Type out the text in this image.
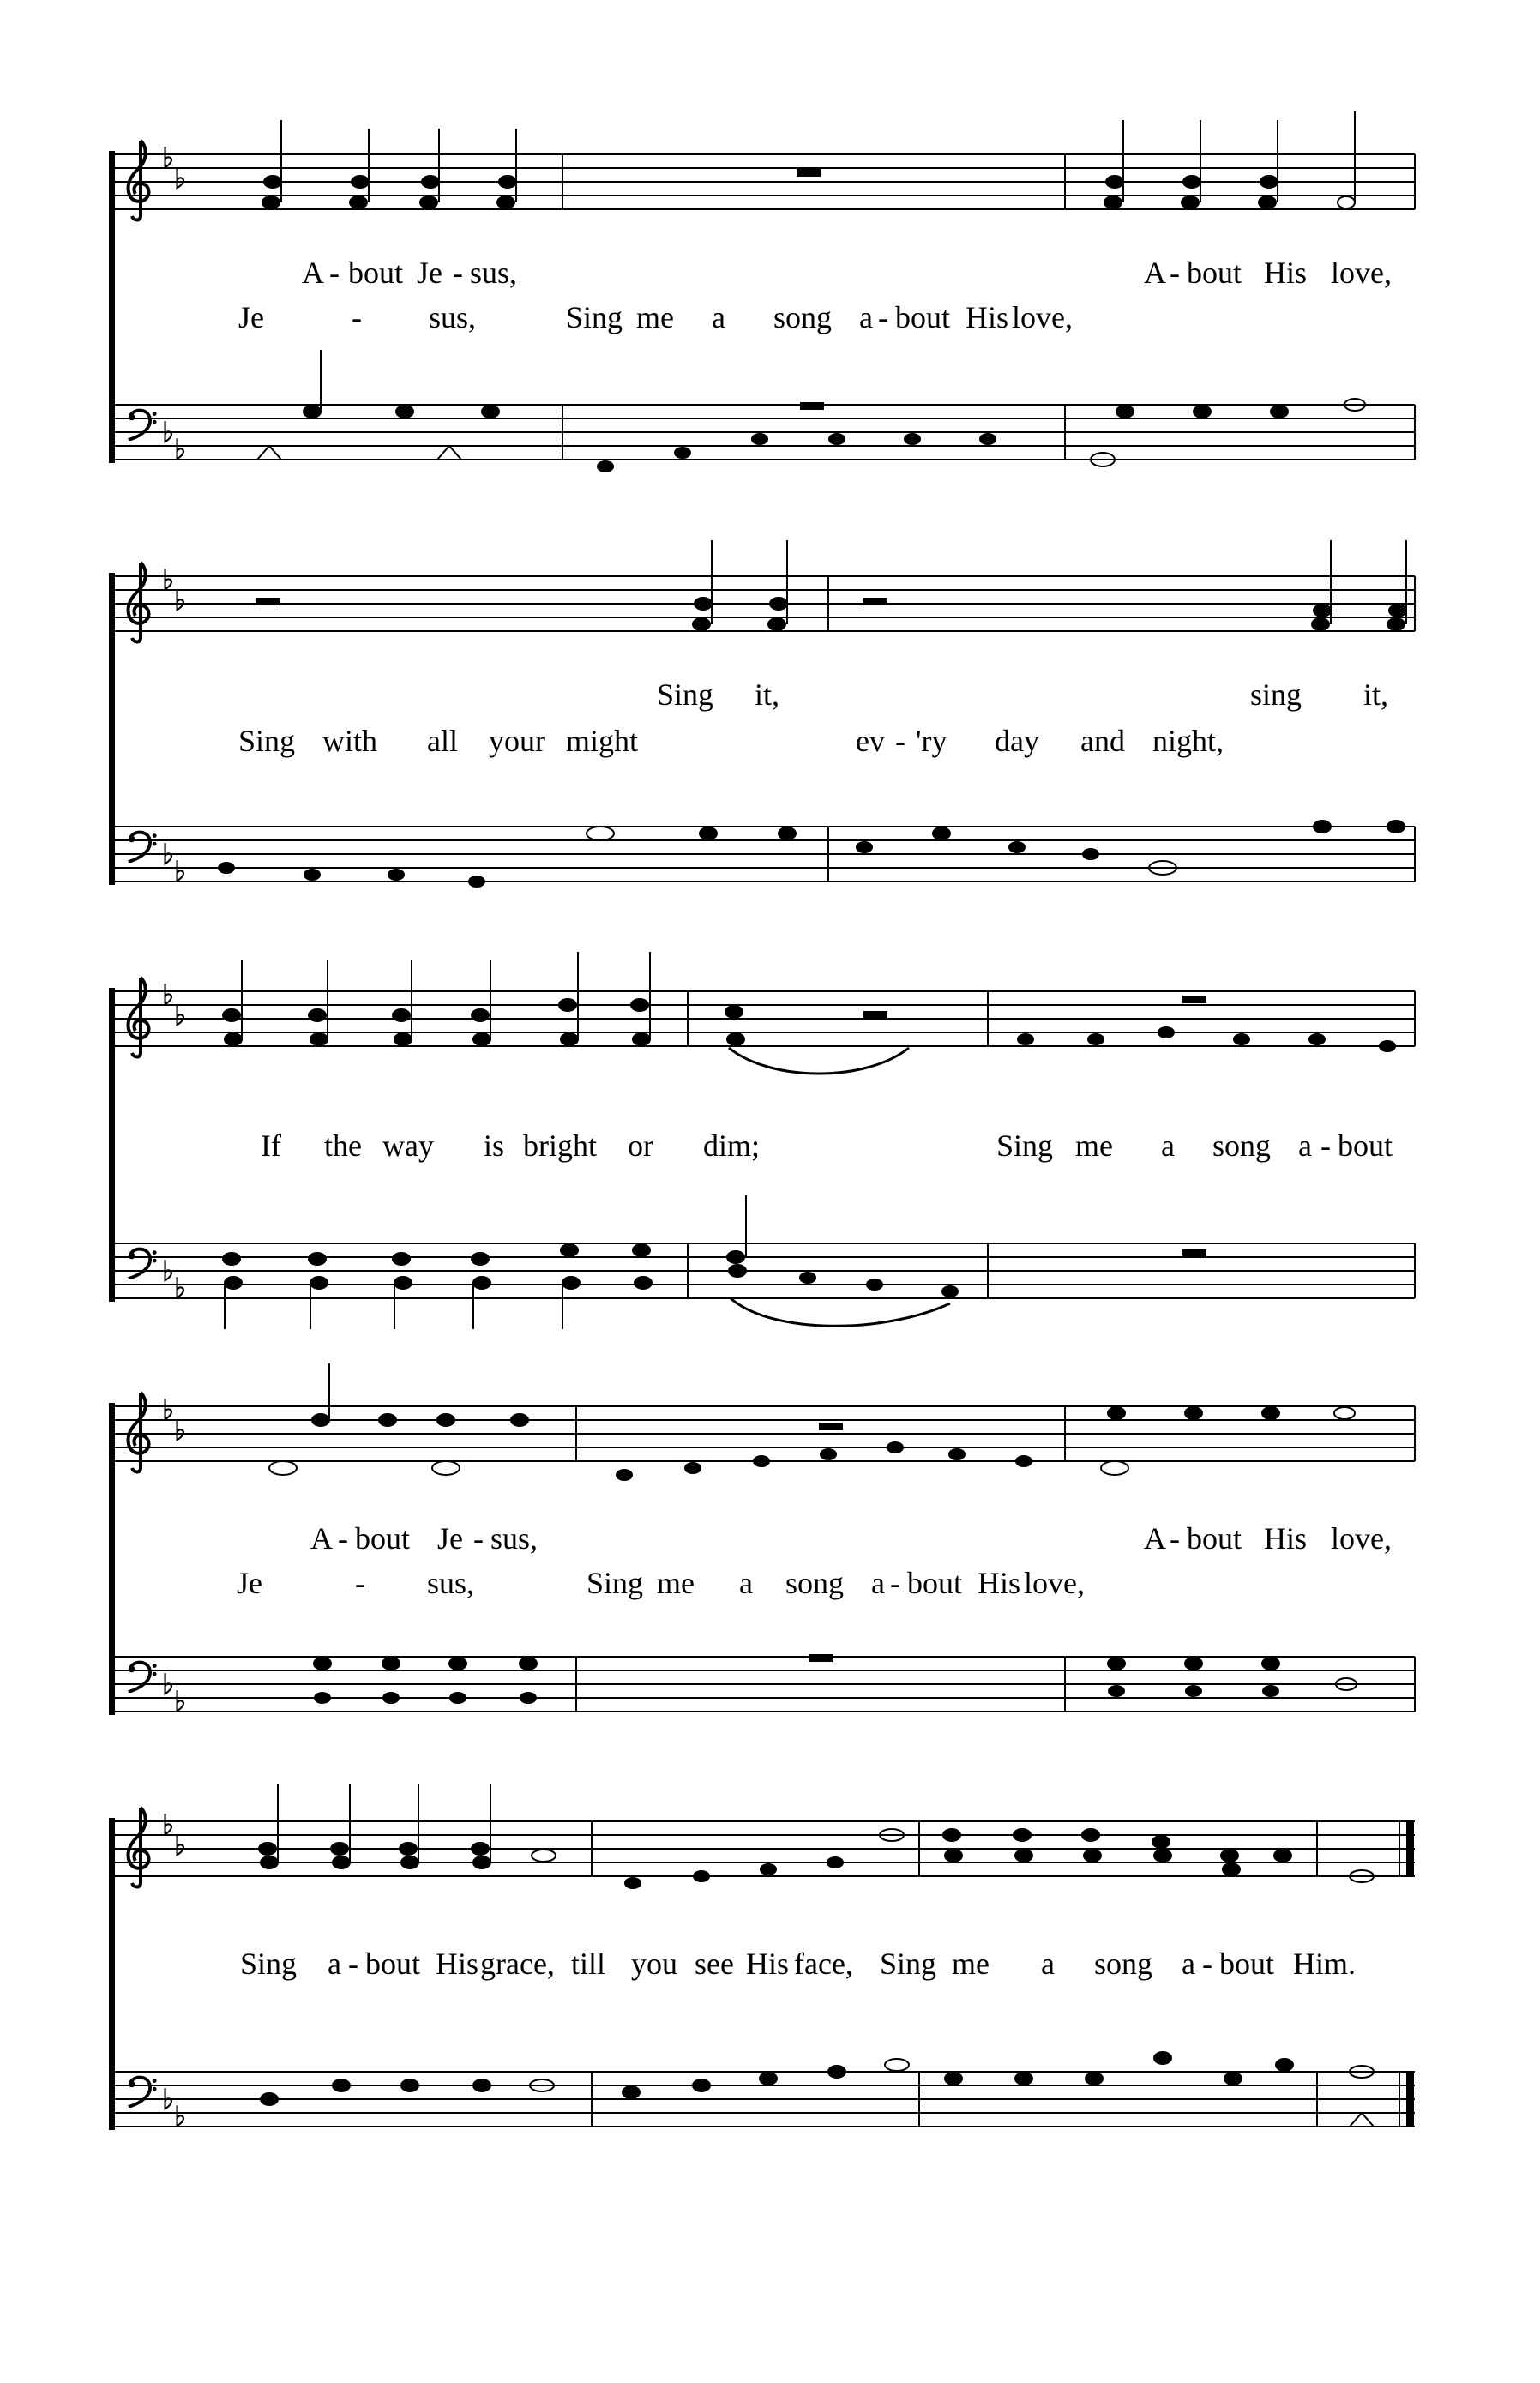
A - bout Je - sus,	A - bout His love,
Je	- sus,	Sing me a song a - bout His love,
Sing it,	sing it,
Sing with all your might	ev - 'ry day and night,
If the way is bright or dim;	Sing me a song a - bout
A - bout Je - sus,	A - bout His love,
Je	- sus,	Sing me a song a - bout His love,
Sing a - bout His grace, till you see His face, Sing me a song a - bout Him.
